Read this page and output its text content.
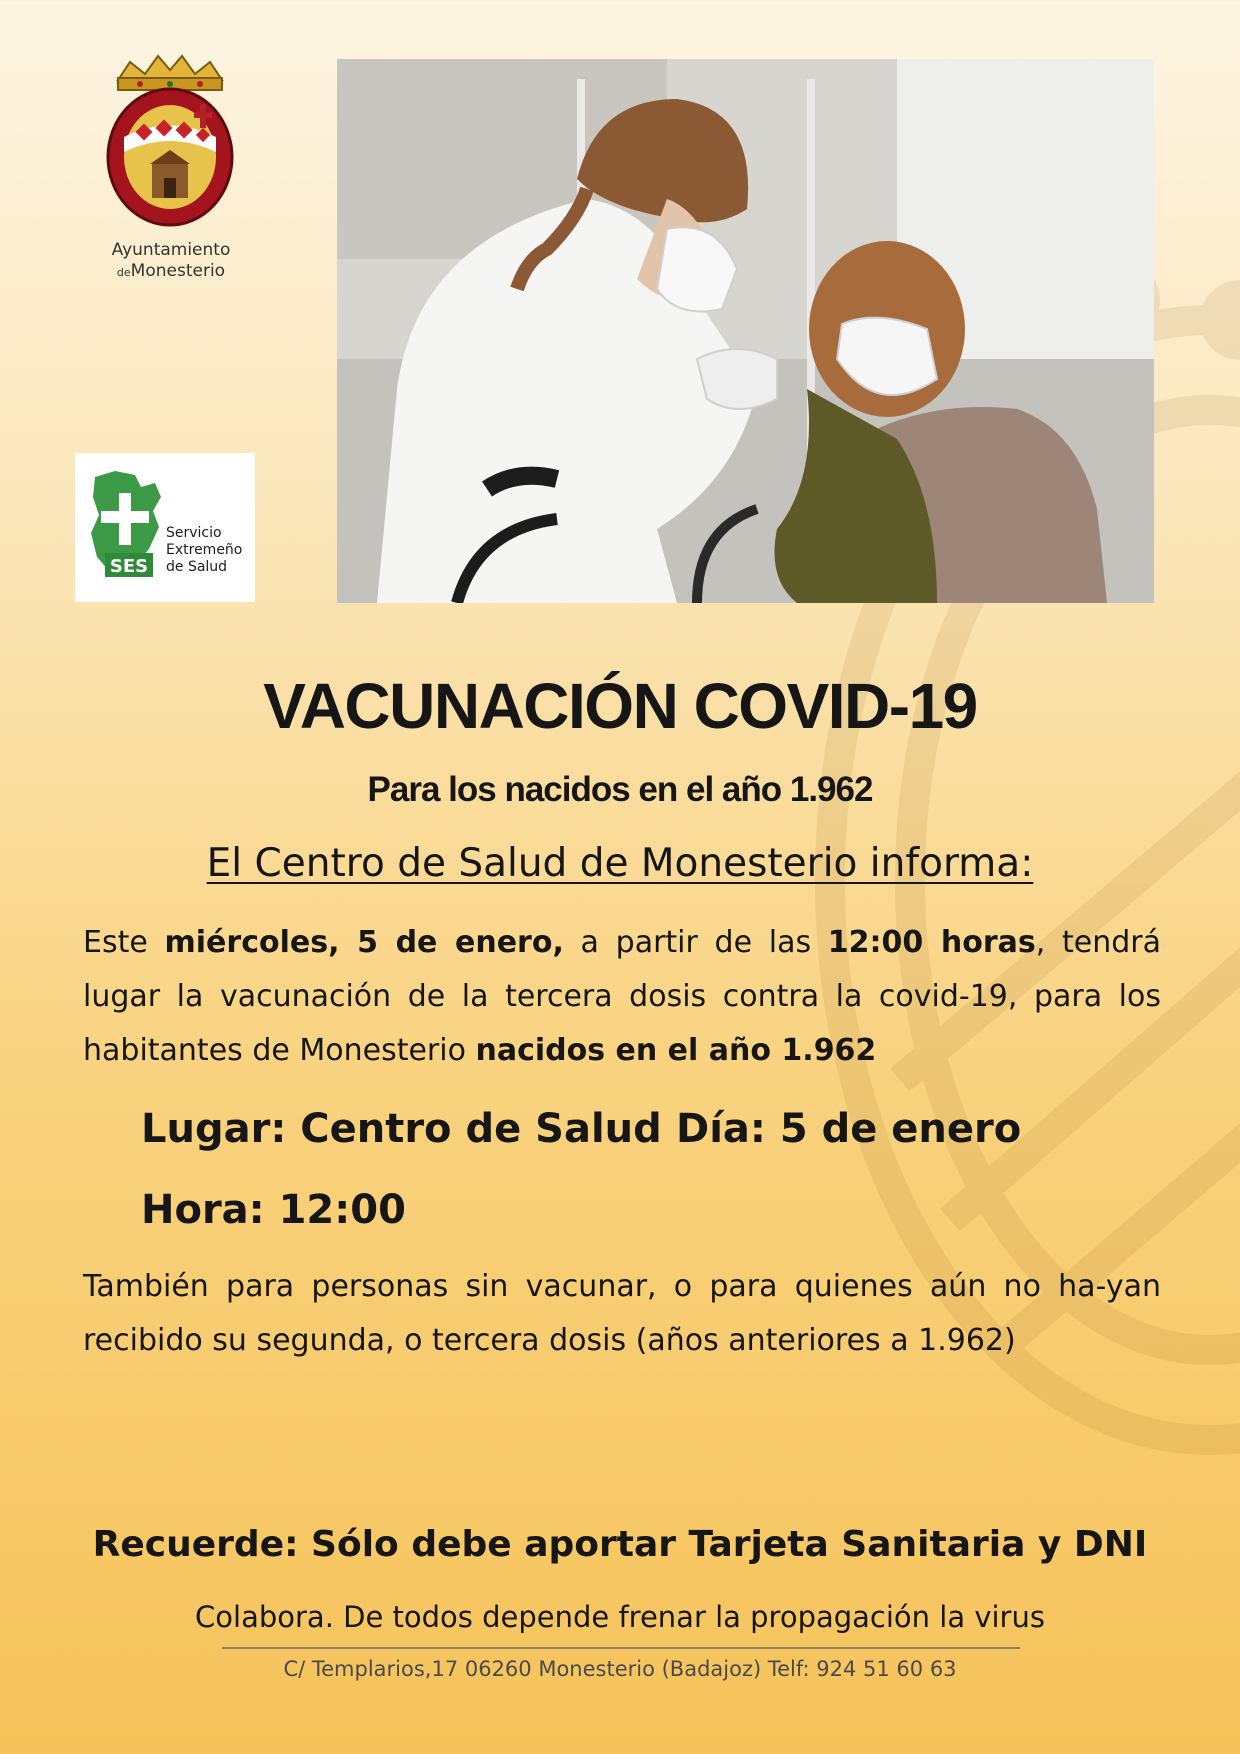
Ayuntamiento
deMonesterio
SES
Servicio
Extremeño
de Salud
VACUNACIÓN COVID-19
Para los nacidos en el año 1.962
El Centro de Salud de Monesterio informa:
Este miércoles, 5 de enero, a partir de las 12:00 horas, tendrá lugar la vacunación de la tercera dosis contra la covid-19, para los habitantes de Monesterio nacidos en el año 1.962
Lugar: Centro de Salud Día: 5 de enero
Hora: 12:00
También para personas sin vacunar, o para quienes aún no ha-yan recibido su segunda, o tercera dosis (años anteriores a 1.962)
Recuerde: Sólo debe aportar Tarjeta Sanitaria y DNI
Colabora. De todos depende frenar la propagación la virus
C/ Templarios,17 06260 Monesterio (Badajoz) Telf: 924 51 60 63
